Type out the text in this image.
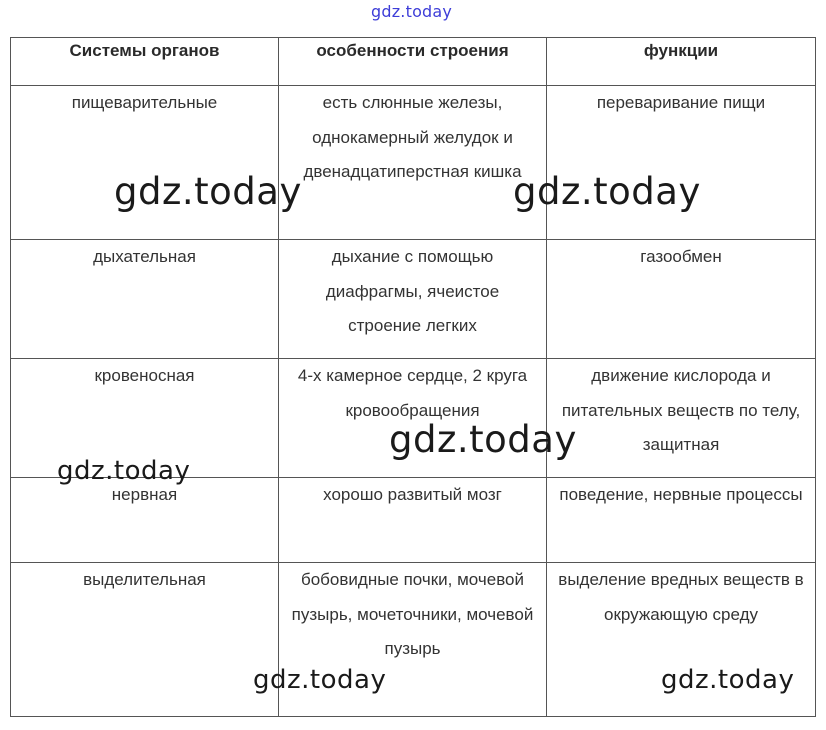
gdz.today
Системы органов	особенности строения	функции
пищеварительные	есть слюнные железы, однокамерный желудок и двенадцатиперстная кишка	переваривание пищи
дыхательная	дыхание с помощью диафрагмы, ячеистое строение легких	газообмен
кровеносная	4-х камерное сердце, 2 круга кровообращения	движение кислорода и питательных веществ по телу, защитная
нервная	хорошо развитый мозг	поведение, нервные процессы
выделительная	бобовидные почки, мочевой пузырь, мочеточники, мочевой пузырь	выделение вредных веществ в окружающую среду
gdz.today	gdz.today
gdz.today
gdz.today
gdz.today	gdz.today
